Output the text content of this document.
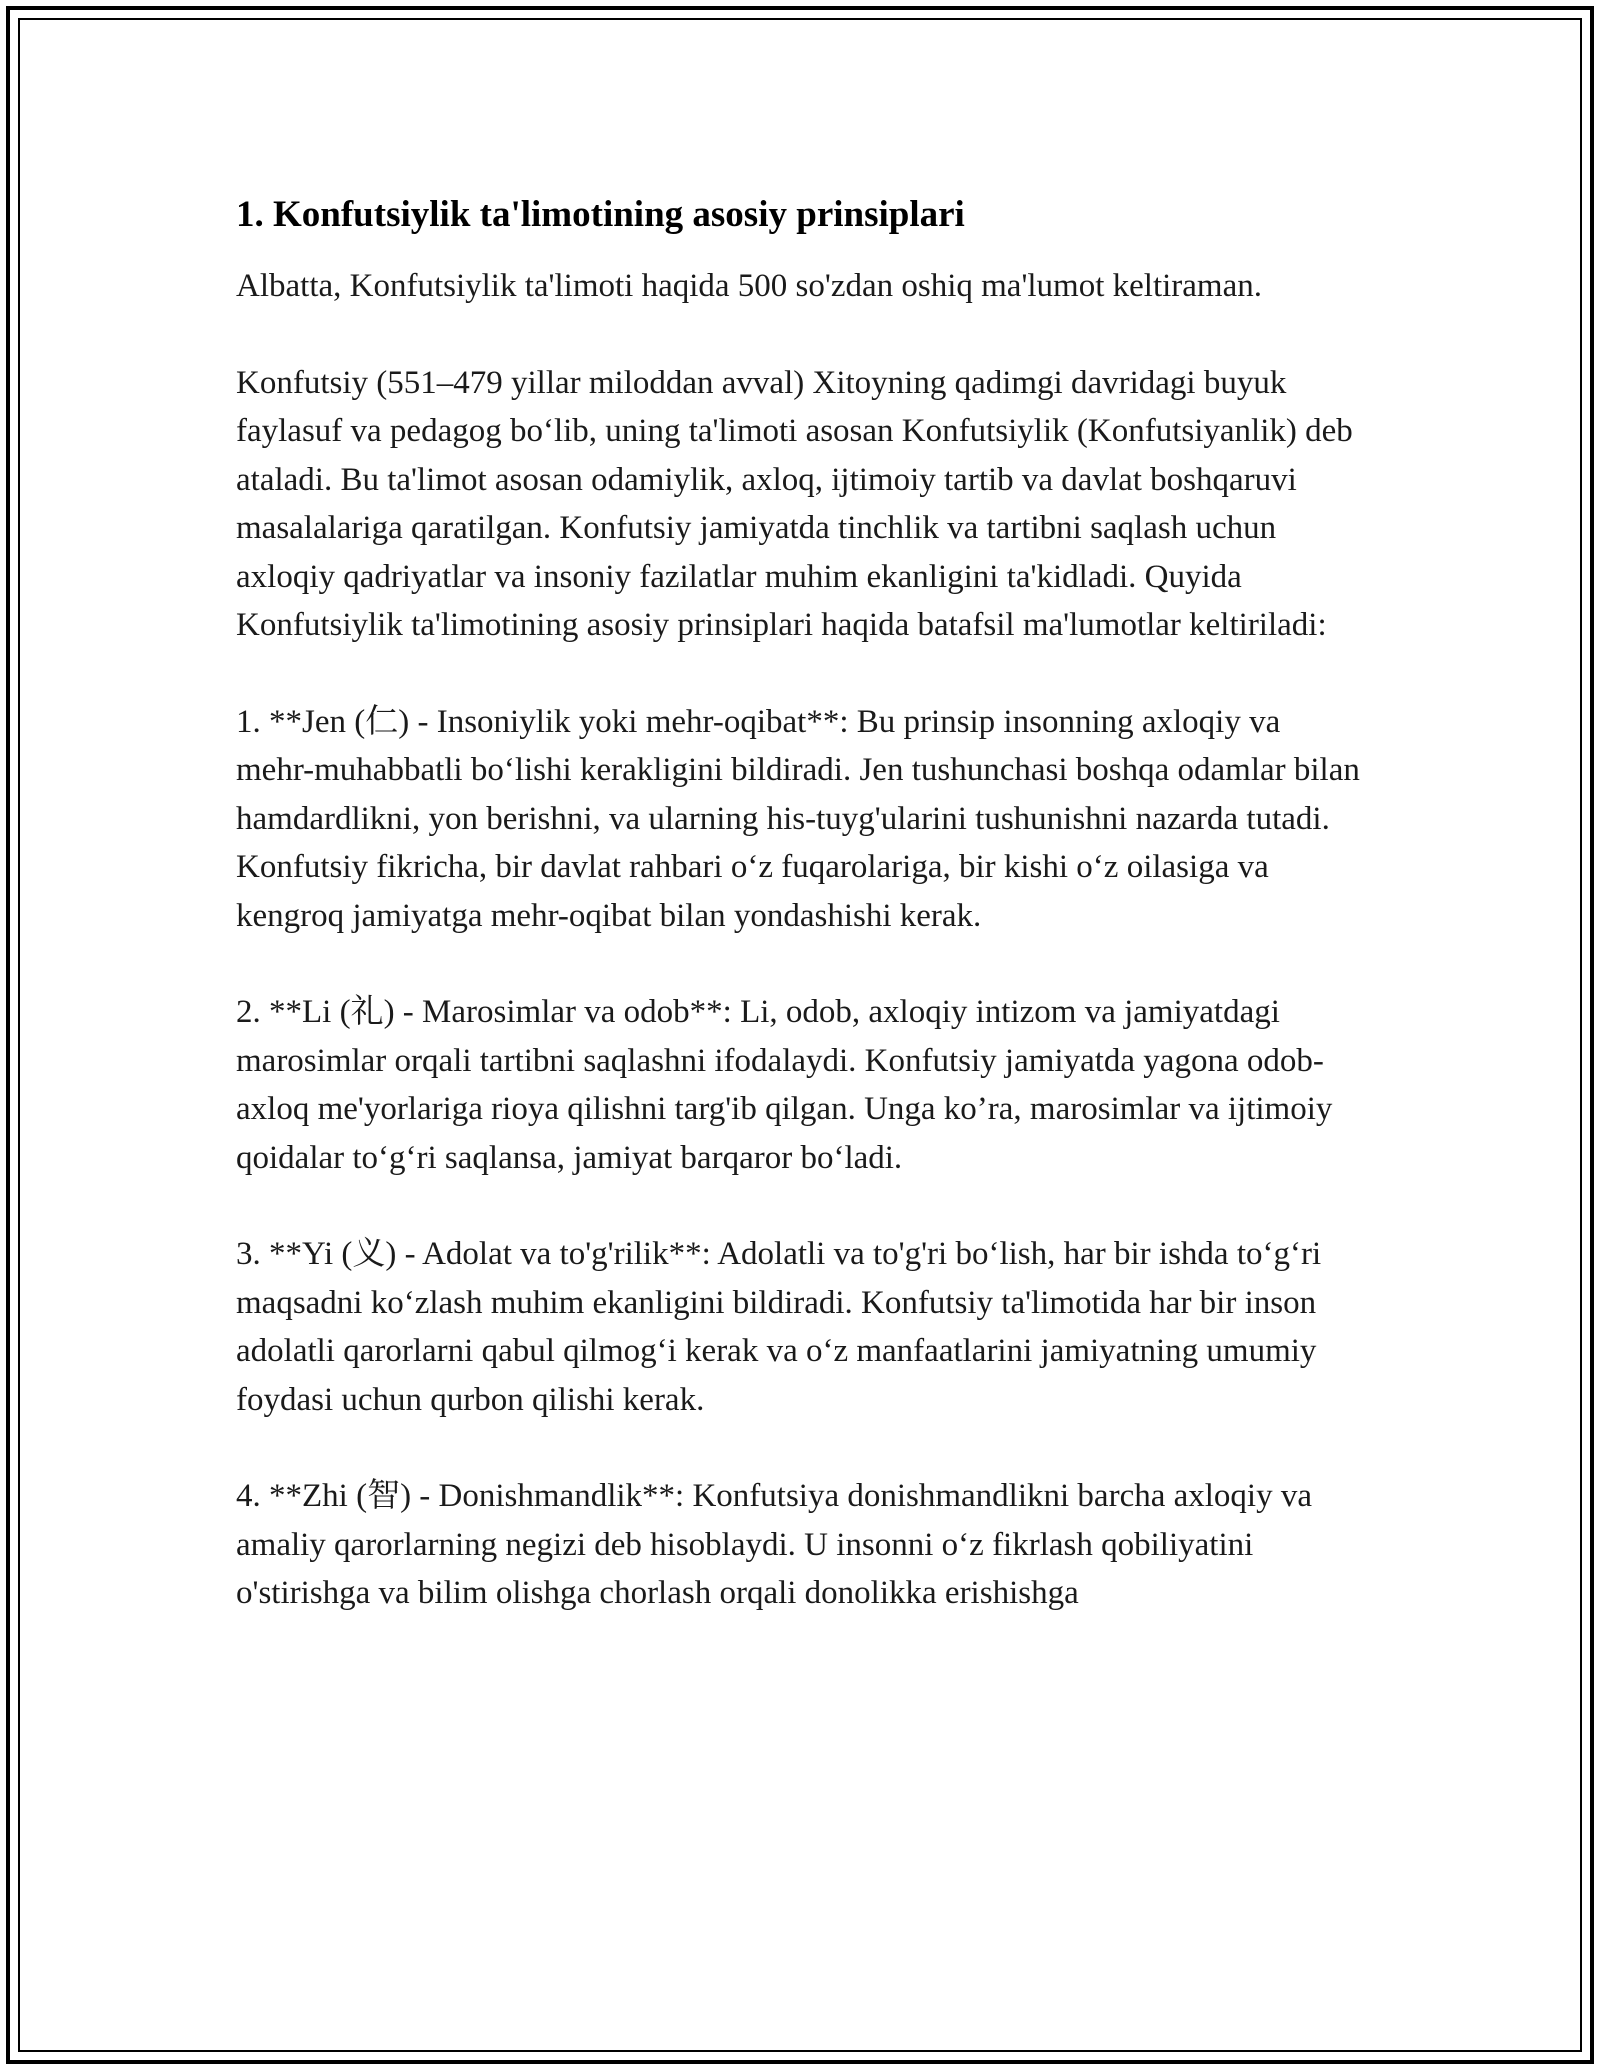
1. Konfutsiylik ta'limotining asosiy prinsiplari

Albatta, Konfutsiylik ta'limoti haqida 500 so'zdan oshiq ma'lumot keltiraman.

Konfutsiy (551–479 yillar miloddan avval) Xitoyning qadimgi davridagi buyuk faylasuf va pedagog bo‘lib, uning ta'limoti asosan Konfutsiylik (Konfutsiyanlik) deb ataladi. Bu ta'limot asosan odamiylik, axloq, ijtimoiy tartib va davlat boshqaruvi masalalariga qaratilgan. Konfutsiy jamiyatda tinchlik va tartibni saqlash uchun axloqiy qadriyatlar va insoniy fazilatlar muhim ekanligini ta'kidladi. Quyida Konfutsiylik ta'limotining asosiy prinsiplari haqida batafsil ma'lumotlar keltiriladi:

1. **Jen (仁) - Insoniylik yoki mehr-oqibat**: Bu prinsip insonning axloqiy va mehr-muhabbatli bo‘lishi kerakligini bildiradi. Jen tushunchasi boshqa odamlar bilan hamdardlikni, yon berishni, va ularning his-tuyg'ularini tushunishni nazarda tutadi. Konfutsiy fikricha, bir davlat rahbari o‘z fuqarolariga, bir kishi o‘z oilasiga va kengroq jamiyatga mehr-oqibat bilan yondashishi kerak.

2. **Li (礼) - Marosimlar va odob**: Li, odob, axloqiy intizom va jamiyatdagi marosimlar orqali tartibni saqlashni ifodalaydi. Konfutsiy jamiyatda yagona odob-axloq me'yorlariga rioya qilishni targ'ib qilgan. Unga ko’ra, marosimlar va ijtimoiy qoidalar to‘g‘ri saqlansa, jamiyat barqaror bo‘ladi.

3. **Yi (义) - Adolat va to'g'rilik**: Adolatli va to'g'ri bo‘lish, har bir ishda to‘g‘ri maqsadni ko‘zlash muhim ekanligini bildiradi. Konfutsiy ta'limotida har bir inson adolatli qarorlarni qabul qilmog‘i kerak va o‘z manfaatlarini jamiyatning umumiy foydasi uchun qurbon qilishi kerak.

4. **Zhi (智) - Donishmandlik**: Konfutsiya donishmandlikni barcha axloqiy va amaliy qarorlarning negizi deb hisoblaydi. U insonni o‘z fikrlash qobiliyatini o'stirishga va bilim olishga chorlash orqali donolikka erishishga
